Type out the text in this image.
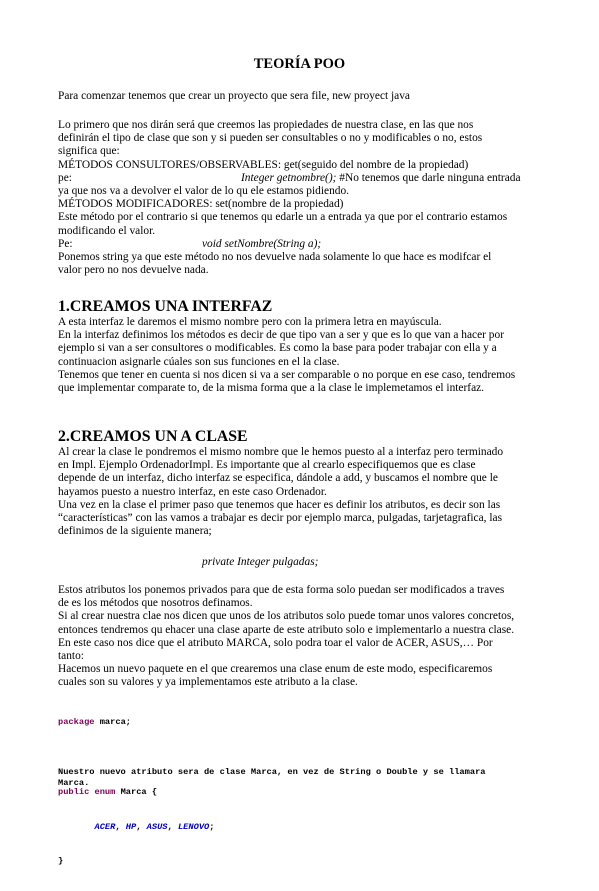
TEORÍA POO

Para comenzar tenemos que crear un proyecto que sera file, new proyect java

Lo primero que nos dirán será que creemos las propiedades de nuestra clase, en las que nos

definirán el tipo de clase que son y si pueden ser consultables o no y modificables o no, estos

significa que:

MÉTODOS CONSULTORES/OBSERVABLES: get(seguido del nombre de la propiedad)

pe:	Integer getnombre(); #No tenemos que darle ninguna entrada

ya que nos va a devolver el valor de lo qu ele estamos pidiendo.

MÉTODOS MODIFICADORES: set(nombre de la propiedad)

Este método por el contrario si que tenemos qu edarle un a entrada ya que por el contrario estamos

modificando el valor.

Pe:	void setNombre(String a);

Ponemos string ya que este método no nos devuelve nada solamente lo que hace es modifcar el

valor pero no nos devuelve nada.

1.CREAMOS UNA INTERFAZ

A esta interfaz le daremos el mismo nombre pero con la primera letra en mayúscula.

En la interfaz definimos los métodos es decir de que tipo van a ser y que es lo que van a hacer por

ejemplo si van a ser consultores o modificables. Es como la base para poder trabajar con ella y a

continuacion asignarle cúales son sus funciones en el la clase.

Tenemos que tener en cuenta si nos dicen si va a ser comparable o no porque en ese caso, tendremos

que implementar comparate to, de la misma forma que a la clase le implemetamos el interfaz.

2.CREAMOS UN A CLASE

Al crear la clase le pondremos el mismo nombre que le hemos puesto al a interfaz pero terminado

en Impl. Ejemplo OrdenadorImpl. Es importante que al crearlo especifiquemos que es clase

depende de un interfaz, dicho interfaz se especifica, dándole a add, y buscamos el nombre que le

hayamos puesto a nuestro interfaz, en este caso Ordenador.

Una vez en la clase el primer paso que tenemos que hacer es definir los atributos, es decir son las

“características” con las vamos a trabajar es decir por ejemplo marca, pulgadas, tarjetagrafica, las

definimos de la siguiente manera;

private Integer pulgadas;

Estos atributos los ponemos privados para que de esta forma solo puedan ser modificados a traves

de es los métodos que nosotros definamos.

Si al crear nuestra clae nos dicen que unos de los atributos solo puede tomar unos valores concretos,

entonces tendremos qu ehacer una clase aparte de este atributo solo e implementarlo a nuestra clase.

En este caso nos dice que el atributo MARCA, solo podra toar el valor de ACER, ASUS,… Por

tanto:

Hacemos un nuevo paquete en el que crearemos una clase enum de este modo, especificaremos

cuales son su valores y ya implementamos este atributo a la clase.

package marca;

public enum Marca {

ACER, HP, ASUS, LENOVO;

}

Nuestro nuevo atributo sera de clase Marca, en vez de String o Double y se llamara

Marca.
